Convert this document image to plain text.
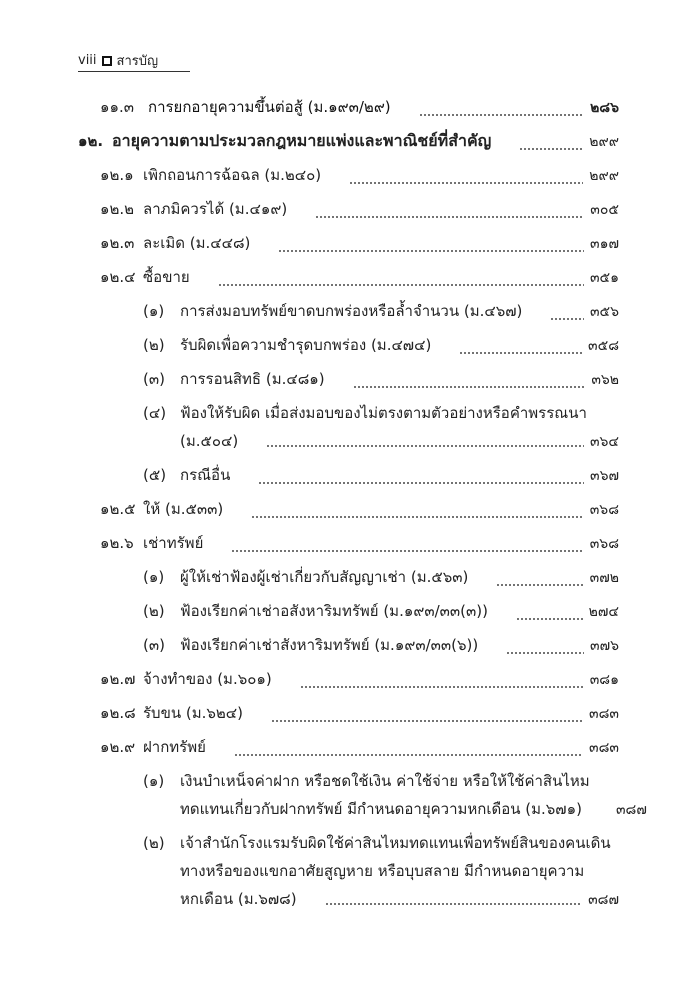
viii สารบัญ
๑๑.๓ การยกอายุความขึ้นต่อสู้ (ม.๑๙๓/๒๙)	๒๘๖
๑๒. อายุความตามประมวลกฎหมายแพ่งและพาณิชย์ที่สำคัญ	๒๙๙
๑๒.๑ เพิกถอนการฉ้อฉล (ม.๒๔๐)	๒๙๙
๑๒.๒ ลาภมิควรได้ (ม.๔๑๙)	๓๐๕
๑๒.๓ ละเมิด (ม.๔๔๘)	๓๑๗
๑๒.๔ ซื้อขาย	๓๕๑
(๑) การส่งมอบทรัพย์ขาดบกพร่องหรือล้ำจำนวน (ม.๔๖๗)	๓๕๖
(๒) รับผิดเพื่อความชำรุดบกพร่อง (ม.๔๗๔)	๓๕๘
(๓) การรอนสิทธิ (ม.๔๘๑)	๓๖๒
(๔) ฟ้องให้รับผิด เมื่อส่งมอบของไม่ตรงตามตัวอย่างหรือคำพรรณนา
(ม.๕๐๔)	๓๖๔
(๕) กรณีอื่น	๓๖๗
๑๒.๕ ให้ (ม.๕๓๓)	๓๖๘
๑๒.๖ เช่าทรัพย์	๓๖๘
(๑) ผู้ให้เช่าฟ้องผู้เช่าเกี่ยวกับสัญญาเช่า (ม.๕๖๓)	๓๗๒
(๒) ฟ้องเรียกค่าเช่าอสังหาริมทรัพย์ (ม.๑๙๓/๓๓(๓))	๒๗๔
(๓) ฟ้องเรียกค่าเช่าสังหาริมทรัพย์ (ม.๑๙๓/๓๓(๖))	๓๗๖
๑๒.๗ จ้างทำของ (ม.๖๐๑)	๓๘๑
๑๒.๘ รับขน (ม.๖๒๔)	๓๘๓
๑๒.๙ ฝากทรัพย์	๓๘๓
(๑) เงินบำเหน็จค่าฝาก หรือชดใช้เงิน ค่าใช้จ่าย หรือให้ใช้ค่าสินไหม
ทดแทนเกี่ยวกับฝากทรัพย์ มีกำหนดอายุความหกเดือน (ม.๖๗๑) ๓๘๗
(๒) เจ้าสำนักโรงแรมรับผิดใช้ค่าสินไหมทดแทนเพื่อทรัพย์สินของคนเดิน
ทางหรือของแขกอาศัยสูญหาย หรือบุบสลาย มีกำหนดอายุความ
หกเดือน (ม.๖๗๘)	๓๘๗
